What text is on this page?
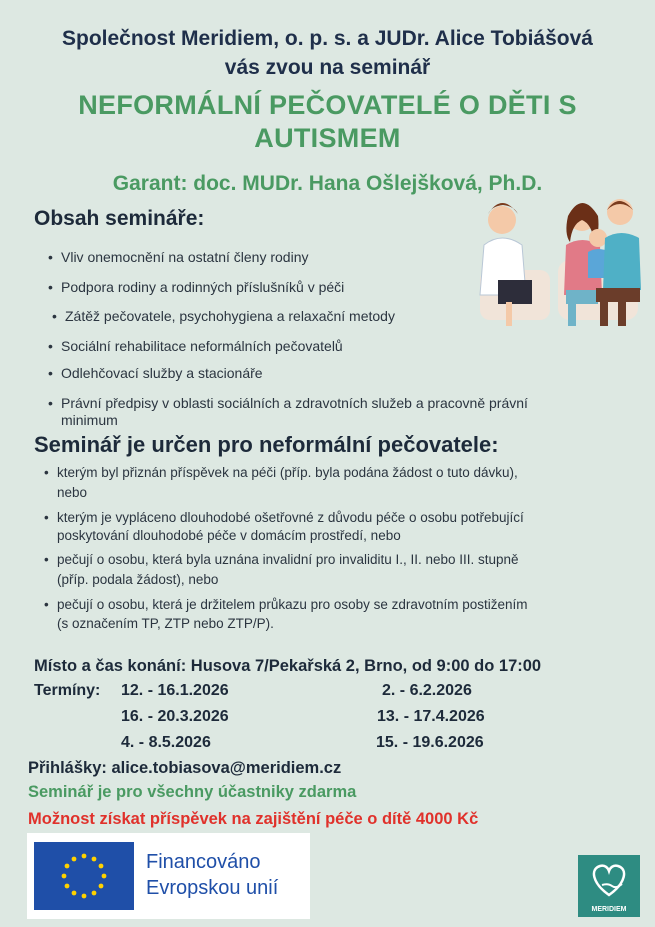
Společnost Meridiem, o. p. s. a JUDr. Alice Tobiášová
vás zvou na seminář
NEFORMÁLNÍ PEČOVATELÉ O DĚTI S
AUTISMEM
Garant: doc. MUDr. Hana Ošlejšková, Ph.D.
Obsah semináře:
• Vliv onemocnění na ostatní členy rodiny
• Podpora rodiny a rodinných příslušníků v péči
• Zátěž pečovatele, psychohygiena a relaxační metody
• Sociální rehabilitace neformálních pečovatelů
• Odlehčovací služby a stacionáře
• Právní předpisy v oblasti sociálních a zdravotních služeb a pracovně právní
minimum
Seminář je určen pro neformální pečovatele:
• kterým byl přiznán příspěvek na péči (příp. byla podána žádost o tuto dávku),
• kterým je vypláceno dlouhodobé ošetřovné z důvodu péče o osobu potřebující
• pečují o osobu, která byla uznána invalidní pro invaliditu I., II. nebo III. stupně
• pečují o osobu, která je držitelem průkazu pro osoby se zdravotním postižením
nebo
poskytování dlouhodobé péče v domácím prostředí, nebo
(příp. podala žádost), nebo
(s označením TP, ZTP nebo ZTP/P).
Místo a čas konání: Husova 7/Pekařská 2, Brno, od 9:00 do 17:00
Termíny: 12. - 16.1.2026	2. - 6.2.2026
16. - 20.3.2026	13. - 17.4.2026
4. - 8.5.2026	15. - 19.6.2026
Přihlášky: alice.tobiasova@meridiem.cz
Seminář je pro všechny účastniky zdarma
Možnost získat příspěvek na zajištění péče o dítě 4000 Kč
Financováno
Evropskou unií
MERIDIEM
